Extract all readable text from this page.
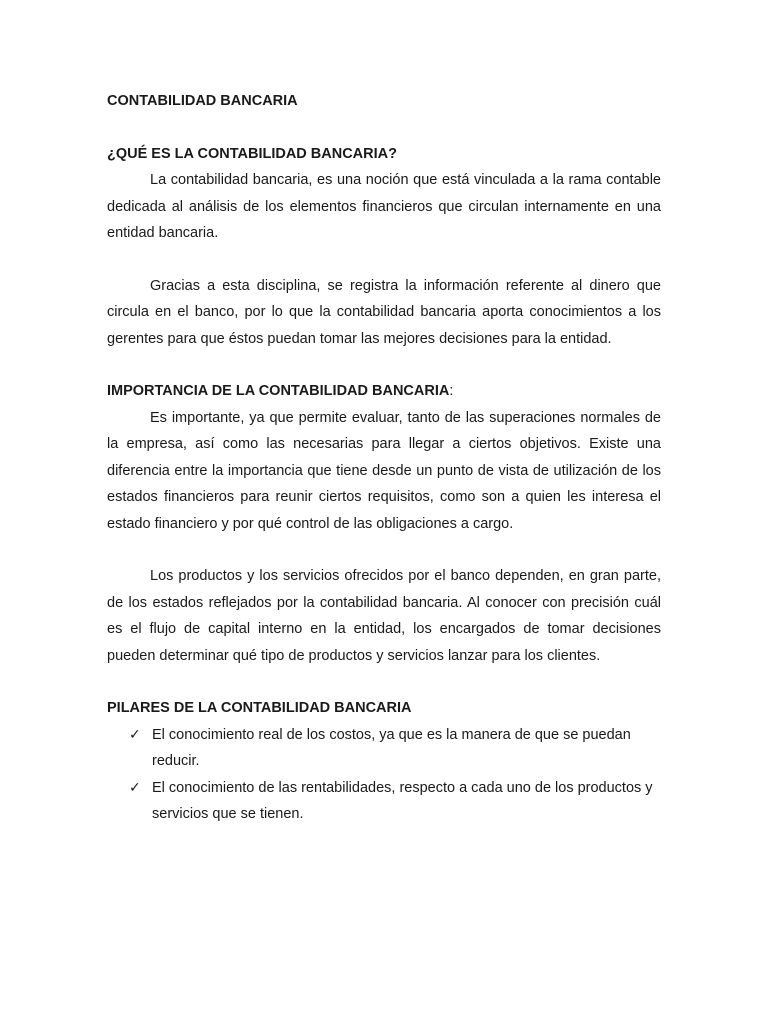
CONTABILIDAD BANCARIA
¿QUÉ ES LA CONTABILIDAD BANCARIA?

La contabilidad bancaria, es una noción que está vinculada a la rama contable dedicada al análisis de los elementos financieros que circulan internamente en una entidad bancaria.

Gracias a esta disciplina, se registra la información referente al dinero que circula en el banco, por lo que la contabilidad bancaria aporta conocimientos a los gerentes para que éstos puedan tomar las mejores decisiones para la entidad.

IMPORTANCIA DE LA CONTABILIDAD BANCARIA:

Es importante, ya que permite evaluar, tanto de las superaciones normales de la empresa, así como las necesarias para llegar a ciertos objetivos. Existe una diferencia entre la importancia que tiene desde un punto de vista de utilización de los estados financieros para reunir ciertos requisitos, como son a quien les interesa el estado financiero y por qué control de las obligaciones a cargo.

Los productos y los servicios ofrecidos por el banco dependen, en gran parte, de los estados reflejados por la contabilidad bancaria. Al conocer con precisión cuál es el flujo de capital interno en la entidad, los encargados de tomar decisiones pueden determinar qué tipo de productos y servicios lanzar para los clientes.

PILARES DE LA CONTABILIDAD BANCARIA
✓ El conocimiento real de los costos, ya que es la manera de que se puedan reducir.
✓ El conocimiento de las rentabilidades, respecto a cada uno de los productos y servicios que se tienen.
